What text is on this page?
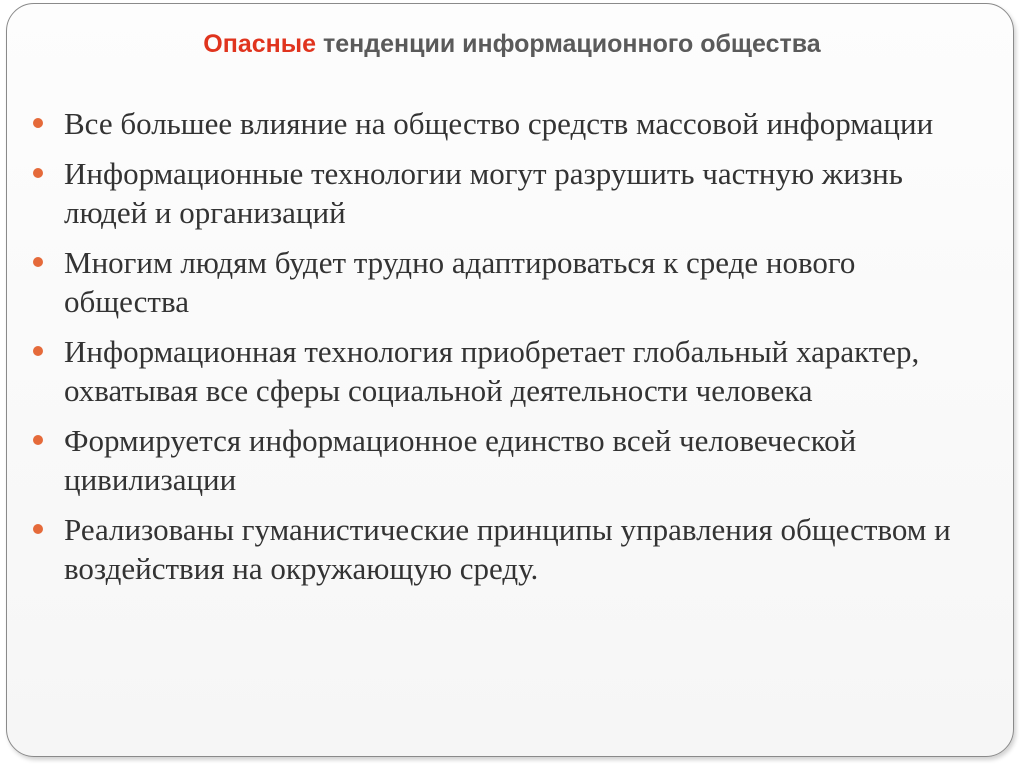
Опасные тенденции информационного общества
Все большее влияние на общество средств массовой информации
Информационные технологии могут разрушить частную жизнь людей и организаций
Многим людям будет трудно адаптироваться к среде нового общества
Информационная технология приобретает глобальный характер, охватывая все сферы социальной деятельности человека
Формируется информационное единство всей человеческой цивилизации
Реализованы гуманистические принципы управления обществом и воздействия на окружающую среду.
